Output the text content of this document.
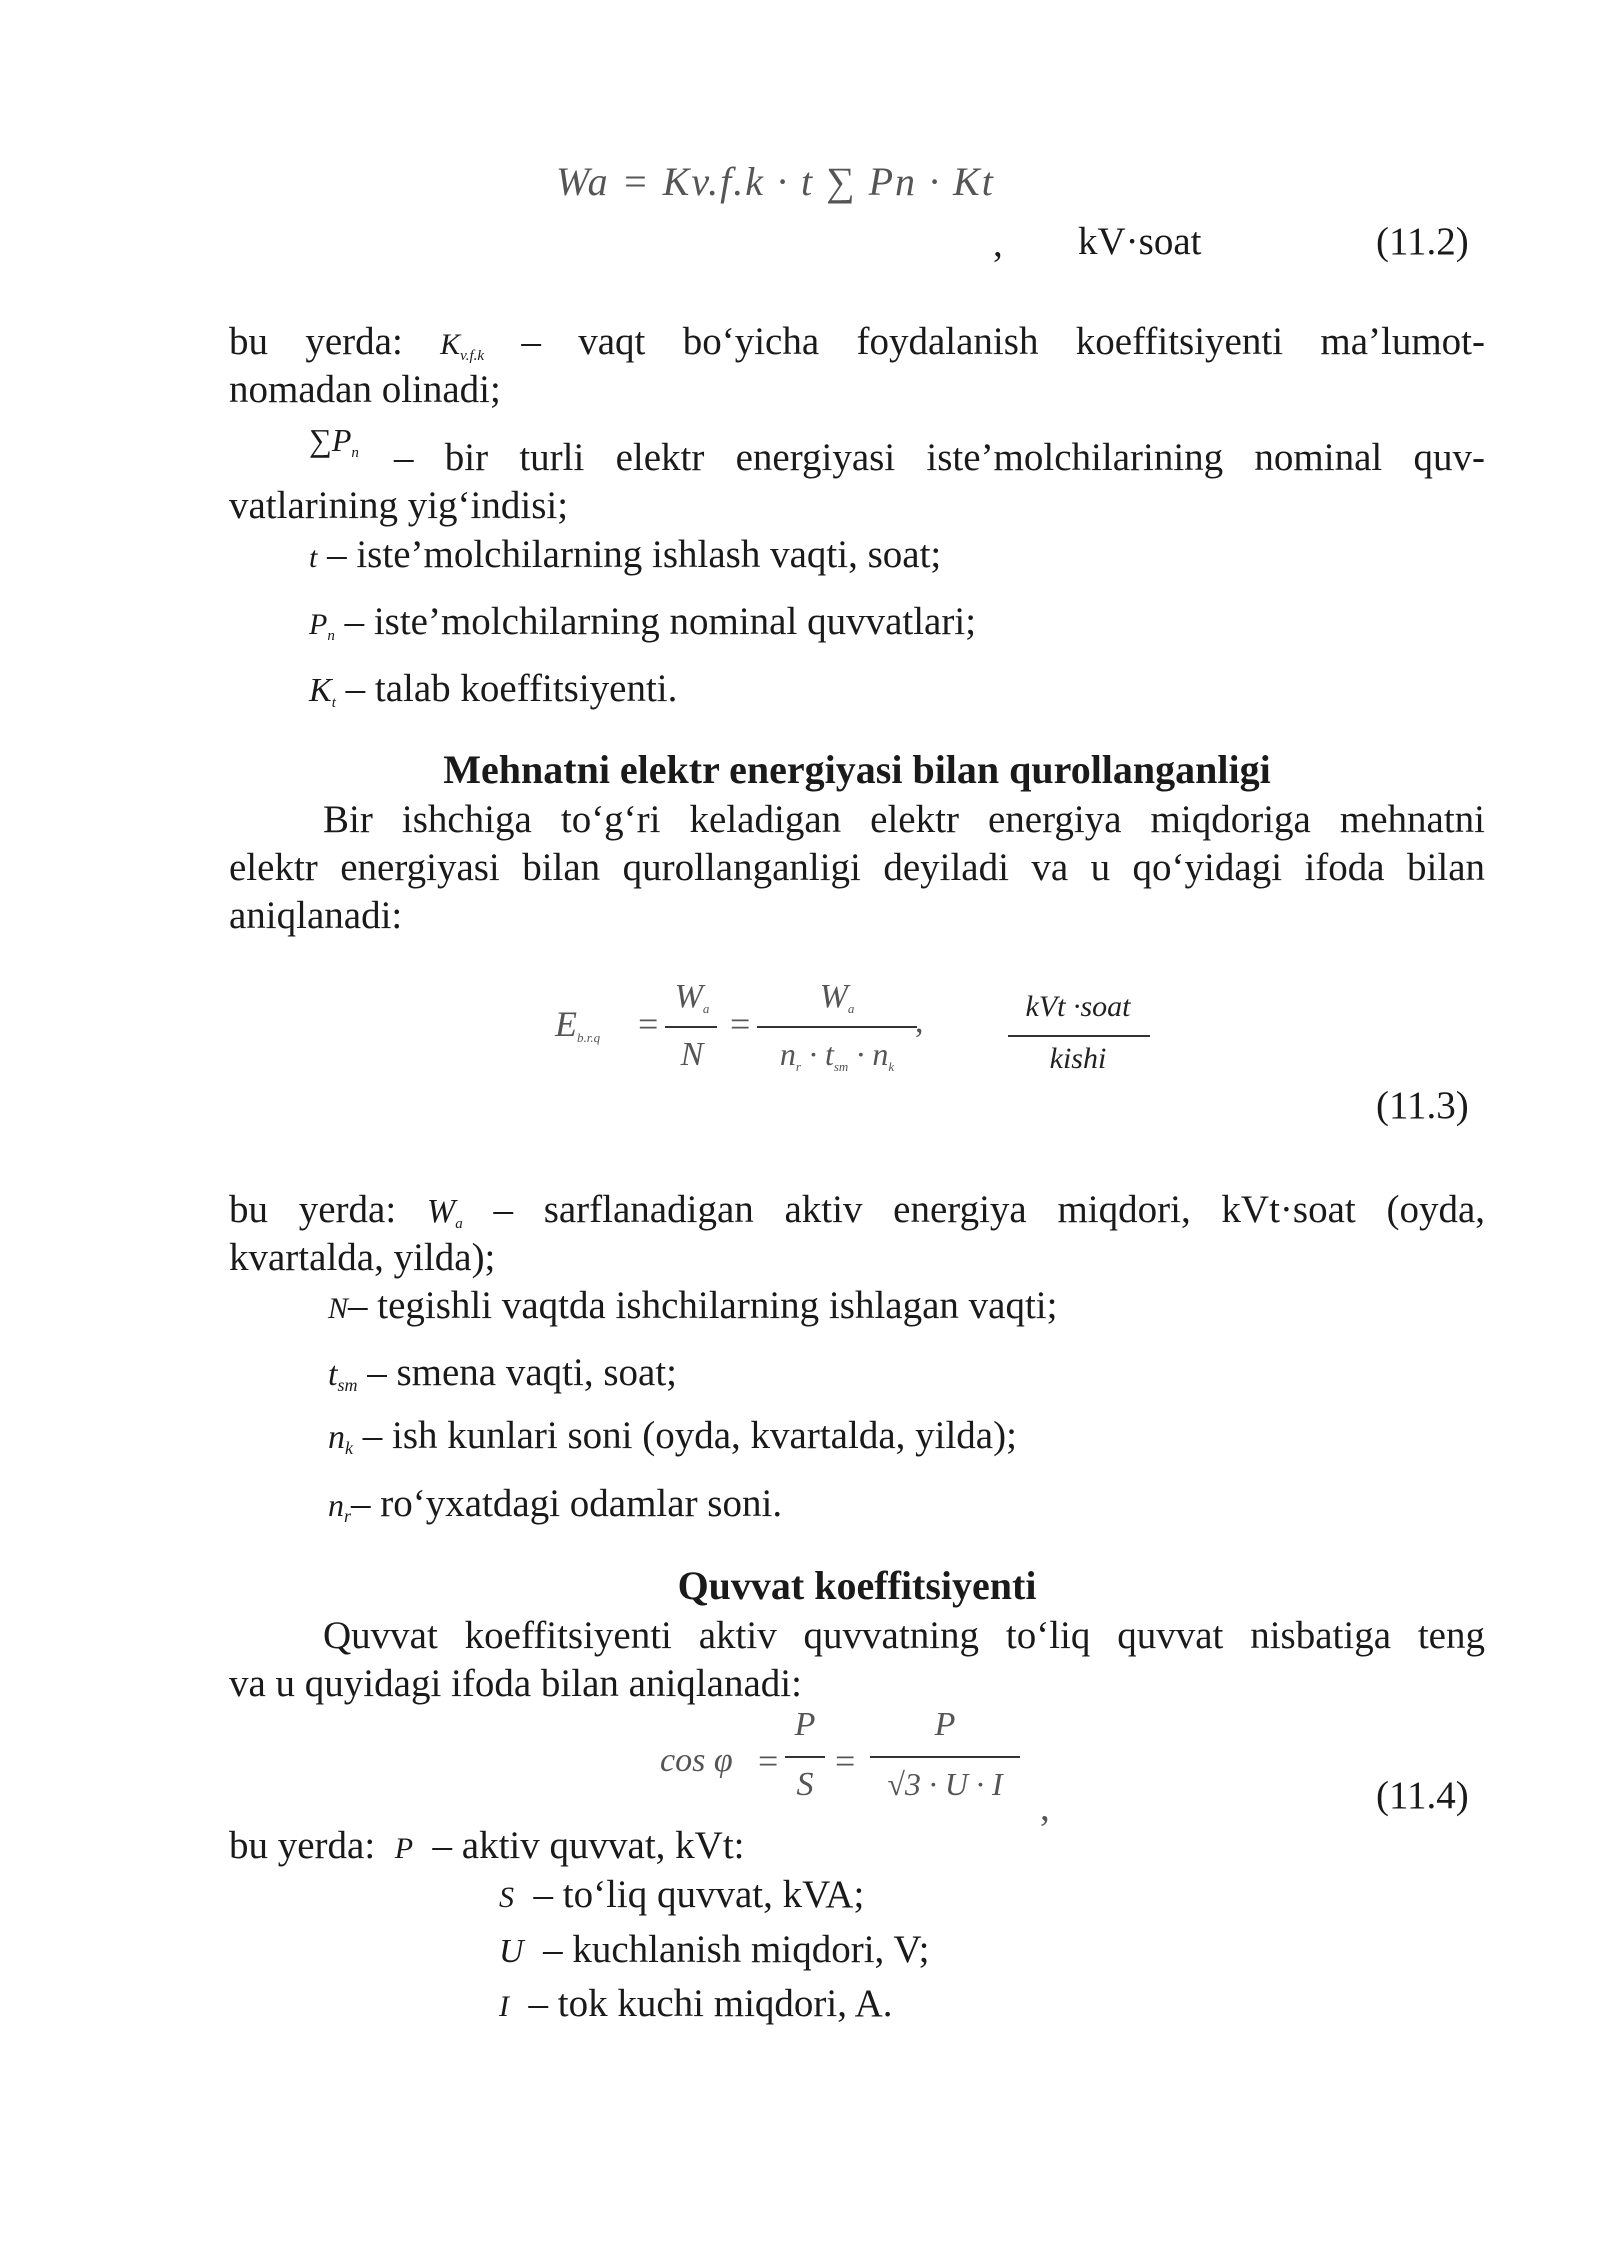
Wa = Kv.f.k · t ∑ Pn · Kt
, kV·soat	(11.2)
bu yerda: $K_{v.f.k}$ – vaqt bo‘yicha foydalanish koeffitsiyenti ma’lumot-
nomadan olinadi;
$\sum P_n$ – bir turli elektr energiyasi iste’molchilarining nominal quv-
vatlarining yig‘indisi;
t – iste’molchilarning ishlash vaqti, soat;
$P_n$ – iste’molchilarning nominal quvvatlari;
$K_t$ – talab koeffitsiyenti.
Mehnatni elektr energiyasi bilan qurollanganligi
Bir ishchiga to‘g‘ri keladigan elektr energiya miqdoriga mehnatni
elektr energiyasi bilan qurollanganligi deyiladi va u qo‘yidagi ifoda bilan
aniqlanadi:
$E_{b.r.q}$ =
$W_a$
N
=
$W_a$
$n_r \cdot t_{sm} \cdot n_k$
,	kVt ·soat
kishi
(11.3)
bu yerda: $W_a$ – sarflanadigan aktiv energiya miqdori, kVt·soat (oyda,
kvartalda, yilda);
N– tegishli vaqtda ishchilarning ishlagan vaqti;
$t_{sm}$ – smena vaqti, soat;
$n_k$ – ish kunlari soni (oyda, kvartalda, yilda);
$n_r-$ ro‘yxatdagi odamlar soni.
Quvvat koeffitsiyenti
Quvvat koeffitsiyenti aktiv quvvatning to‘liq quvvat nisbatiga teng
va u quyidagi ifoda bilan aniqlanadi:
cos φ =
P
S
=
P
√3 · U · I
,	(11.4)
bu yerda: P – aktiv quvvat, kVt:
S – to‘liq quvvat, kVA;
U – kuchlanish miqdori, V;
I – tok kuchi miqdori, A.
